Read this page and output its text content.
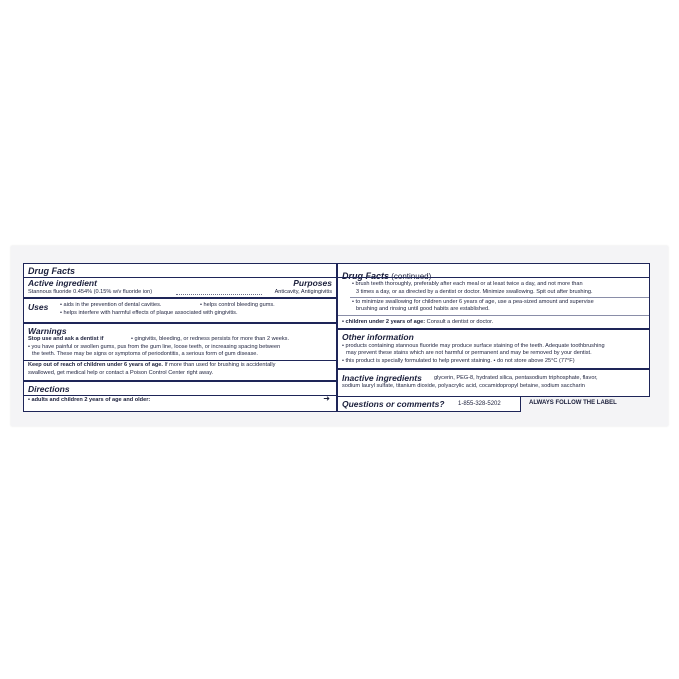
Drug Facts
Active ingredient	Purposes
Stannous fluoride 0.454% (0.15% w/v fluoride ion)	Anticavity, Antigingivitis
Uses • aids in the prevention of dental cavities.	• helps control bleeding gums.
• helps interfere with harmful effects of plaque associated with gingivitis.
Warnings
Stop use and ask a dentist if	• gingivitis, bleeding, or redness persists for more than 2 weeks.
• you have painful or swollen gums, pus from the gum line, loose teeth, or increasing spacing between
the teeth. These may be signs or symptoms of periodontitis, a serious form of gum disease.
Keep out of reach of children under 6 years of age. If more than used for brushing is accidentally
swallowed, get medical help or contact a Poison Control Center right away.
Directions
• adults and children 2 years of age and older:	➜
Drug Facts (continued)
• brush teeth thoroughly, preferably after each meal or at least twice a day, and not more than
3 times a day, or as directed by a dentist or doctor. Minimize swallowing. Spit out after brushing.
• to minimize swallowing for children under 6 years of age, use a pea-sized amount and supervise
brushing and rinsing until good habits are established.
• children under 2 years of age: Consult a dentist or doctor.
Other information
• products containing stannous fluoride may produce surface staining of the teeth. Adequate toothbrushing
may prevent these stains which are not harmful or permanent and may be removed by your dentist.
• this product is specially formulated to help prevent staining. • do not store above 25°C (77°F)
Inactive ingredients glycerin, PEG-8, hydrated silica, pentasodium triphosphate, flavor,
sodium lauryl sulfate, titanium dioxide, polyacrylic acid, cocamidopropyl betaine, sodium saccharin
Questions or comments? 1-855-328-5202	ALWAYS FOLLOW THE LABEL
